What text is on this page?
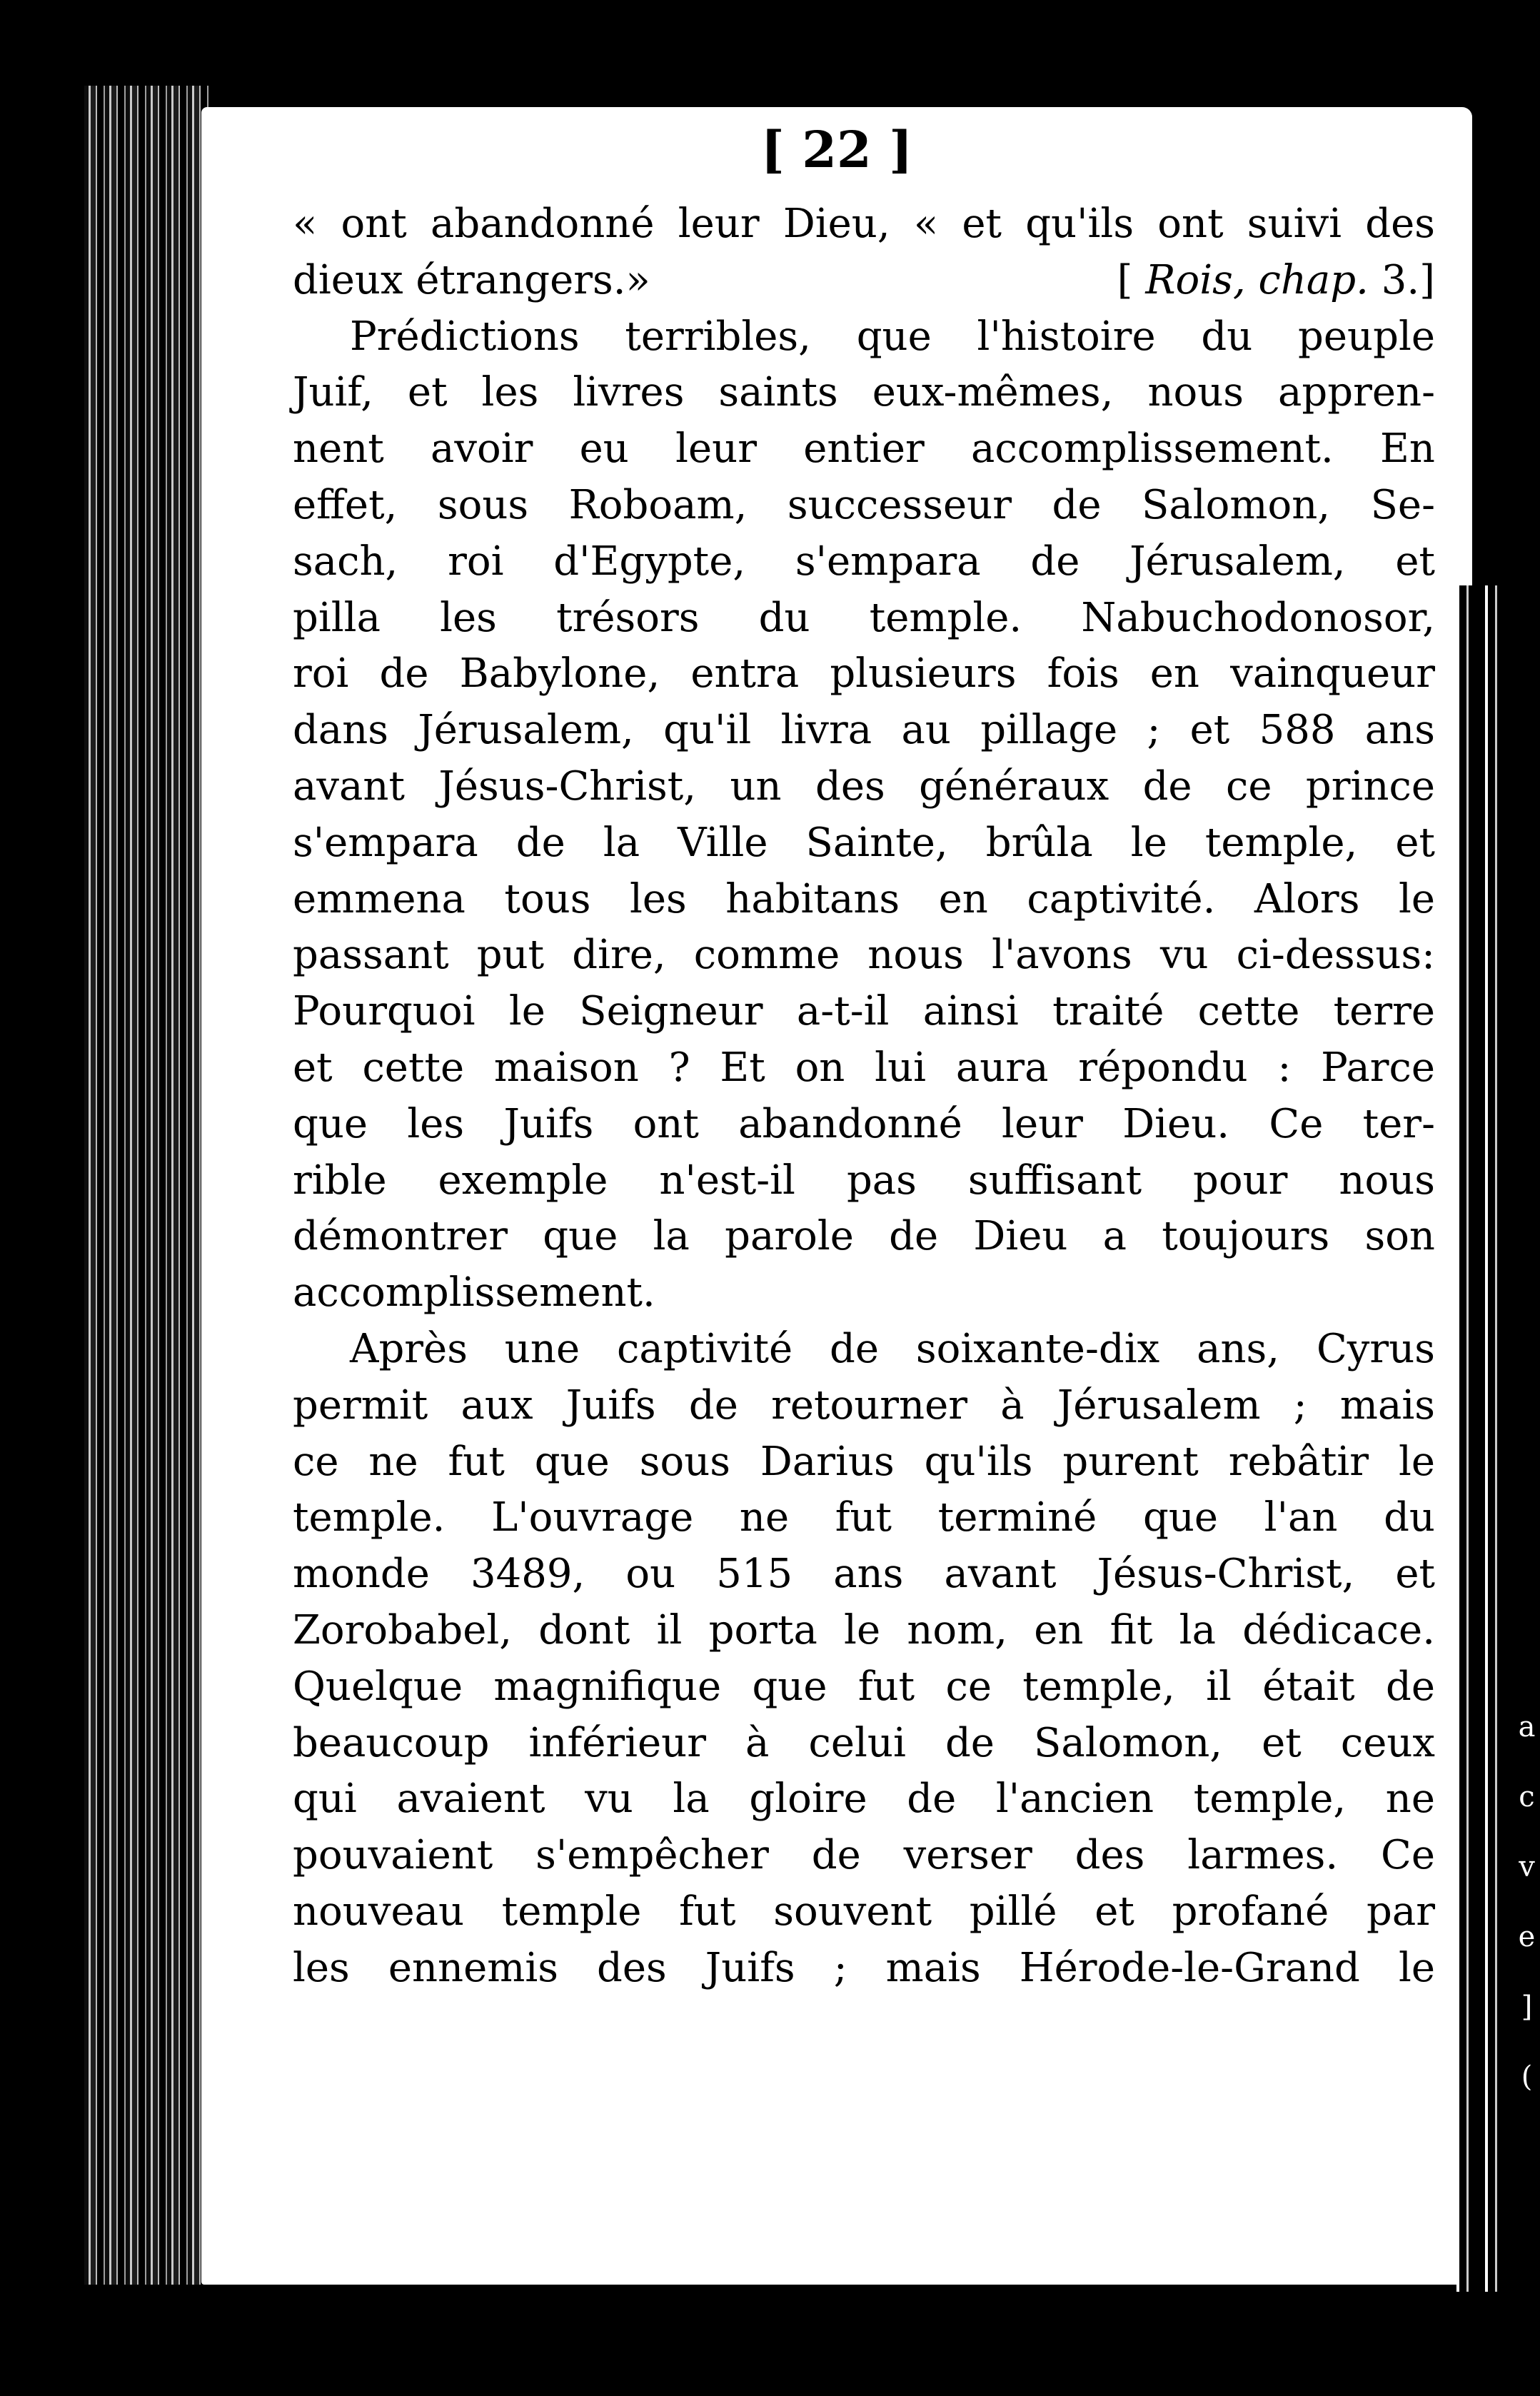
a
c
v
e
]
(
[ 22 ]
« ont abandonné leur Dieu, « et qu'ils ont suivi des
dieux étrangers.»	[ Rois, chap. 3.]
Prédictions terribles, que l'histoire du peuple
Juif, et les livres saints eux-mêmes, nous appren-
nent avoir eu leur entier accomplissement. En
effet, sous Roboam, successeur de Salomon, Se-
sach, roi d'Egypte, s'empara de Jérusalem, et
pilla les trésors du temple. Nabuchodonosor,
roi de Babylone, entra plusieurs fois en vainqueur
dans Jérusalem, qu'il livra au pillage ; et 588 ans
avant Jésus-Christ, un des généraux de ce prince
s'empara de la Ville Sainte, brûla le temple, et
emmena tous les habitans en captivité. Alors le
passant put dire, comme nous l'avons vu ci-dessus:
Pourquoi le Seigneur a-t-il ainsi traité cette terre
et cette maison ? Et on lui aura répondu : Parce
que les Juifs ont abandonné leur Dieu. Ce ter-
rible exemple n'est-il pas suffisant pour nous
démontrer que la parole de Dieu a toujours son
accomplissement.
Après une captivité de soixante-dix ans, Cyrus
permit aux Juifs de retourner à Jérusalem ; mais
ce ne fut que sous Darius qu'ils purent rebâtir le
temple. L'ouvrage ne fut terminé que l'an du
monde 3489, ou 515 ans avant Jésus-Christ, et
Zorobabel, dont il porta le nom, en fit la dédicace.
Quelque magnifique que fut ce temple, il était de
beaucoup inférieur à celui de Salomon, et ceux
qui avaient vu la gloire de l'ancien temple, ne
pouvaient s'empêcher de verser des larmes. Ce
nouveau temple fut souvent pillé et profané par
les ennemis des Juifs ; mais Hérode-le-Grand le
